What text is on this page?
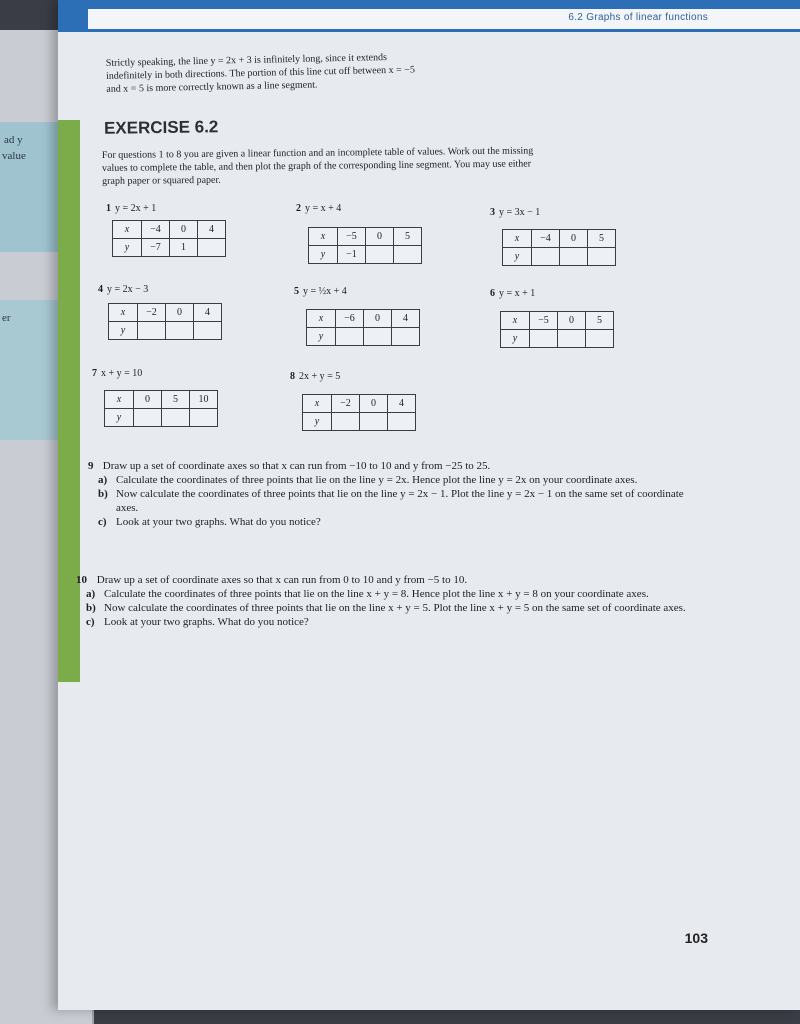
ad y
value
er
6.2 Graphs of linear functions
Strictly speaking, the line y = 2x + 3 is infinitely long, since it extends
indefinitely in both directions. The portion of this line cut off between x = −5
and x = 5 is more correctly known as a line segment.
EXERCISE 6.2
For questions 1 to 8 you are given a linear function and an incomplete table of values. Work out the missing
values to complete the table, and then plot the graph of the corresponding line segment. You may use either
graph paper or squared paper.
1 y = 2x + 1
x	−4	0	4
y	−7	1	
2 y = x + 4
x	−5	0	5
y	−1		
3 y = 3x − 1
x	−4	0	5
y			
4 y = 2x − 3
x	−2	0	4
y			
5 y = ½x + 4
x	−6	0	4
y			
6 y = x + 1
x	−5	0	5
y			
7 x + y = 10
x	0	5	10
y			
8 2x + y = 5
x	−2	0	4
y			
9 Draw up a set of coordinate axes so that x can run from −10 to 10 and y from −25 to 25.
a) Calculate the coordinates of three points that lie on the line y = 2x. Hence plot the line y = 2x on your coordinate axes.
b) Now calculate the coordinates of three points that lie on the line y = 2x − 1. Plot the line y = 2x − 1 on the same set of coordinate axes.
c) Look at your two graphs. What do you notice?
10 Draw up a set of coordinate axes so that x can run from 0 to 10 and y from −5 to 10.
a) Calculate the coordinates of three points that lie on the line x + y = 8. Hence plot the line x + y = 8 on your coordinate axes.
b) Now calculate the coordinates of three points that lie on the line x + y = 5. Plot the line x + y = 5 on the same set of coordinate axes.
c) Look at your two graphs. What do you notice?
103
